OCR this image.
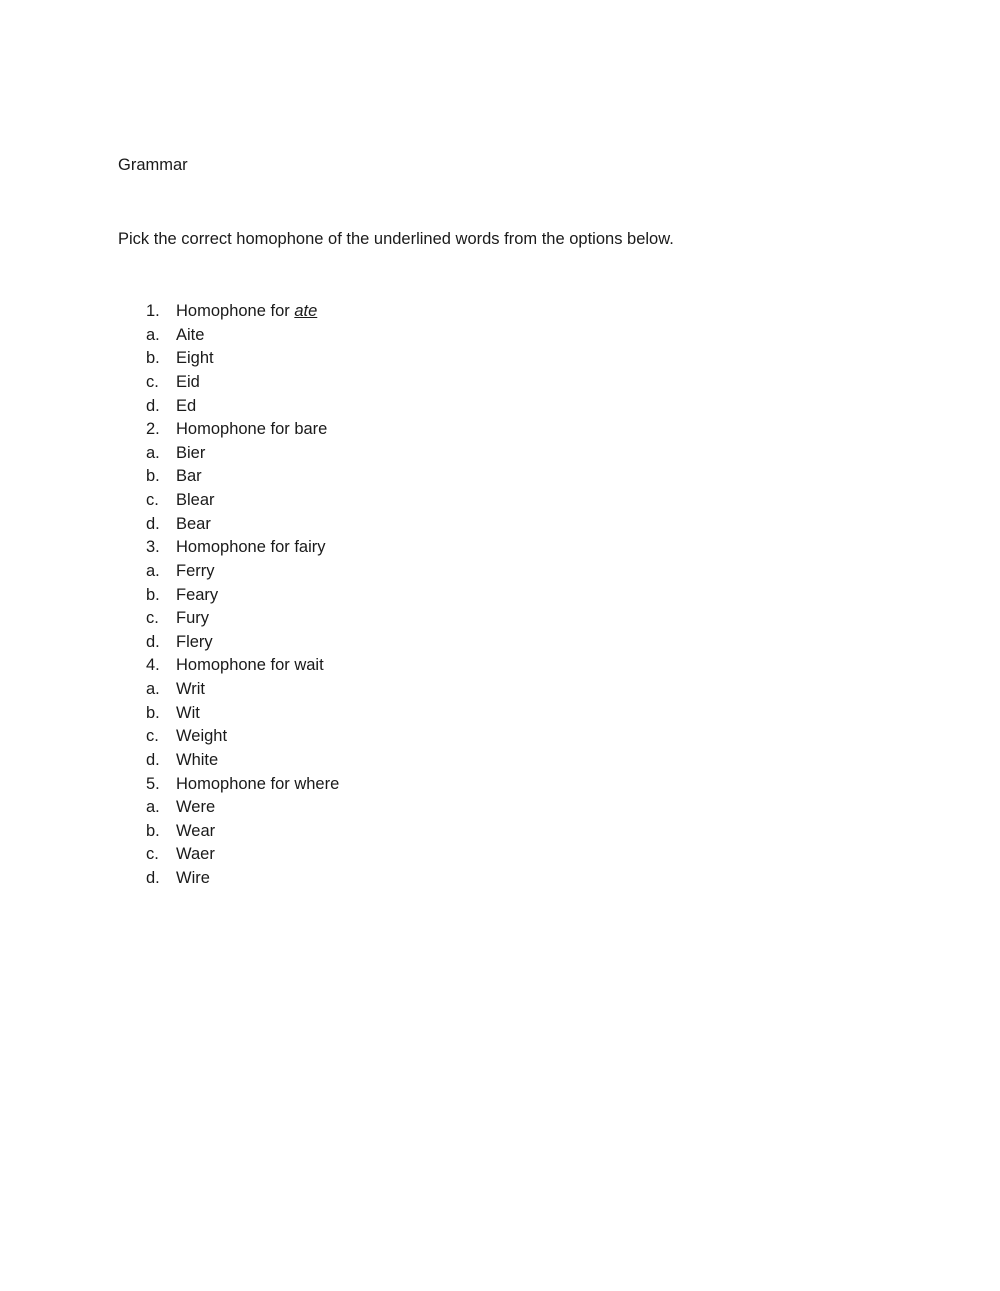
Grammar
Pick the correct homophone of the underlined words from the options below.
1. Homophone for ate
a. Aite
b. Eight
c. Eid
d. Ed
2. Homophone for bare
a. Bier
b. Bar
c. Blear
d. Bear
3. Homophone for fairy
a. Ferry
b. Feary
c. Fury
d. Flery
4. Homophone for wait
a. Writ
b. Wit
c. Weight
d. White
5. Homophone for where
a. Were
b. Wear
c. Waer
d. Wire
